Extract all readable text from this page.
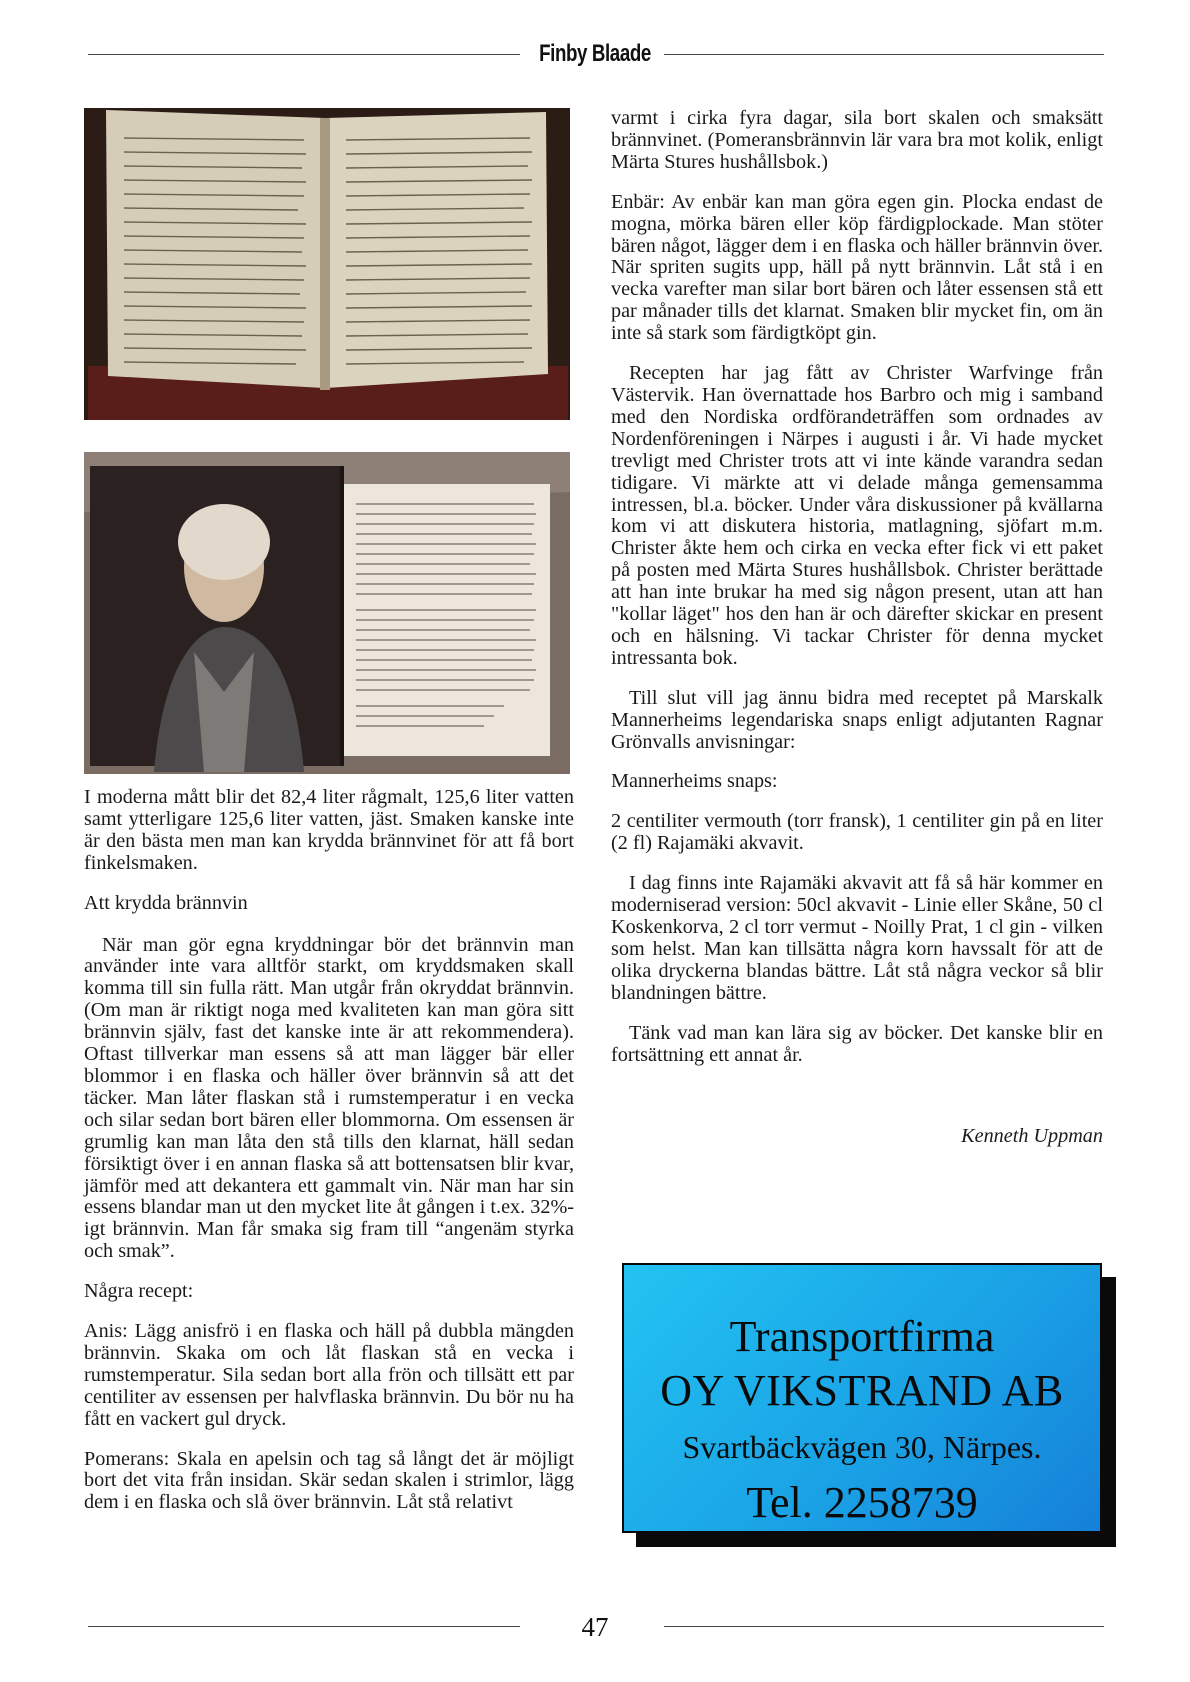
Finby Blaade

I moderna mått blir det 82,4 liter rågmalt, 125,6 liter vatten samt ytterligare 125,6 liter vatten, jäst. Smaken kanske inte är den bästa men man kan krydda brännvinet för att få bort finkelsmaken.

Att krydda brännvin

När man gör egna kryddningar bör det brännvin man använder inte vara alltför starkt, om kryddsmaken skall komma till sin fulla rätt. Man utgår från okryddat brännvin. (Om man är riktigt noga med kvaliteten kan man göra sitt brännvin själv, fast det kanske inte är att rekommendera). Oftast tillverkar man essens så att man lägger bär eller blommor i en flaska och häller över brännvin så att det täcker. Man låter flaskan stå i rumstemperatur i en vecka och silar sedan bort bären eller blommorna. Om essensen är grumlig kan man låta den stå tills den klarnat, häll sedan försiktigt över i en annan flaska så att bottensatsen blir kvar, jämför med att dekantera ett gammalt vin. När man har sin essens blandar man ut den mycket lite åt gången i t.ex. 32%-igt brännvin. Man får smaka sig fram till “angenäm styrka och smak”.

Några recept:

Anis: Lägg anisfrö i en flaska och häll på dubbla mängden brännvin. Skaka om och låt flaskan stå en vecka i rumstemperatur. Sila sedan bort alla frön och tillsätt ett par centiliter av essensen per halvflaska brännvin. Du bör nu ha fått en vackert gul dryck.

Pomerans: Skala en apelsin och tag så långt det är möjligt bort det vita från insidan. Skär sedan skalen i strimlor, lägg dem i en flaska och slå över brännvin. Låt stå relativt

varmt i cirka fyra dagar, sila bort skalen och smaksätt brännvinet. (Pomeransbrännvin lär vara bra mot kolik, enligt Märta Stures hushållsbok.)

Enbär: Av enbär kan man göra egen gin. Plocka endast de mogna, mörka bären eller köp färdigplockade. Man stöter bären något, lägger dem i en flaska och häller brännvin över. När spriten sugits upp, häll på nytt brännvin. Låt stå i en vecka varefter man silar bort bären och låter essensen stå ett par månader tills det klarnat. Smaken blir mycket fin, om än inte så stark som färdigtköpt gin.

Recepten har jag fått av Christer Warfvinge från Västervik. Han övernattade hos Barbro och mig i samband med den Nordiska ordförandeträffen som ordnades av Nordenföreningen i Närpes i augusti i år. Vi hade mycket trevligt med Christer trots att vi inte kände varandra sedan tidigare. Vi märkte att vi delade många gemensamma intressen, bl.a. böcker. Under våra diskussioner på kvällarna kom vi att diskutera historia, matlagning, sjöfart m.m. Christer åkte hem och cirka en vecka efter fick vi ett paket på posten med Märta Stures hushållsbok. Christer berättade att han inte brukar ha med sig någon present, utan att han "kollar läget" hos den han är och därefter skickar en present och en hälsning. Vi tackar Christer för denna mycket intressanta bok.

Till slut vill jag ännu bidra med receptet på Marskalk Mannerheims legendariska snaps enligt adjutanten Ragnar Grönvalls anvisningar:

Mannerheims snaps:

2 centiliter vermouth (torr fransk), 1 centiliter gin på en liter (2 fl) Rajamäki akvavit.

I dag finns inte Rajamäki akvavit att få så här kommer en moderniserad version: 50cl akvavit - Linie eller Skåne, 50 cl Koskenkorva, 2 cl torr vermut - Noilly Prat, 1 cl gin - vilken som helst. Man kan tillsätta några korn havssalt för att de olika dryckerna blandas bättre. Låt stå några veckor så blir blandningen bättre.

Tänk vad man kan lära sig av böcker. Det kanske blir en fortsättning ett annat år.

Kenneth Uppman

Transportfirma
OY VIKSTRAND AB
Svartbäckvägen 30, Närpes.
Tel. 2258739
47
